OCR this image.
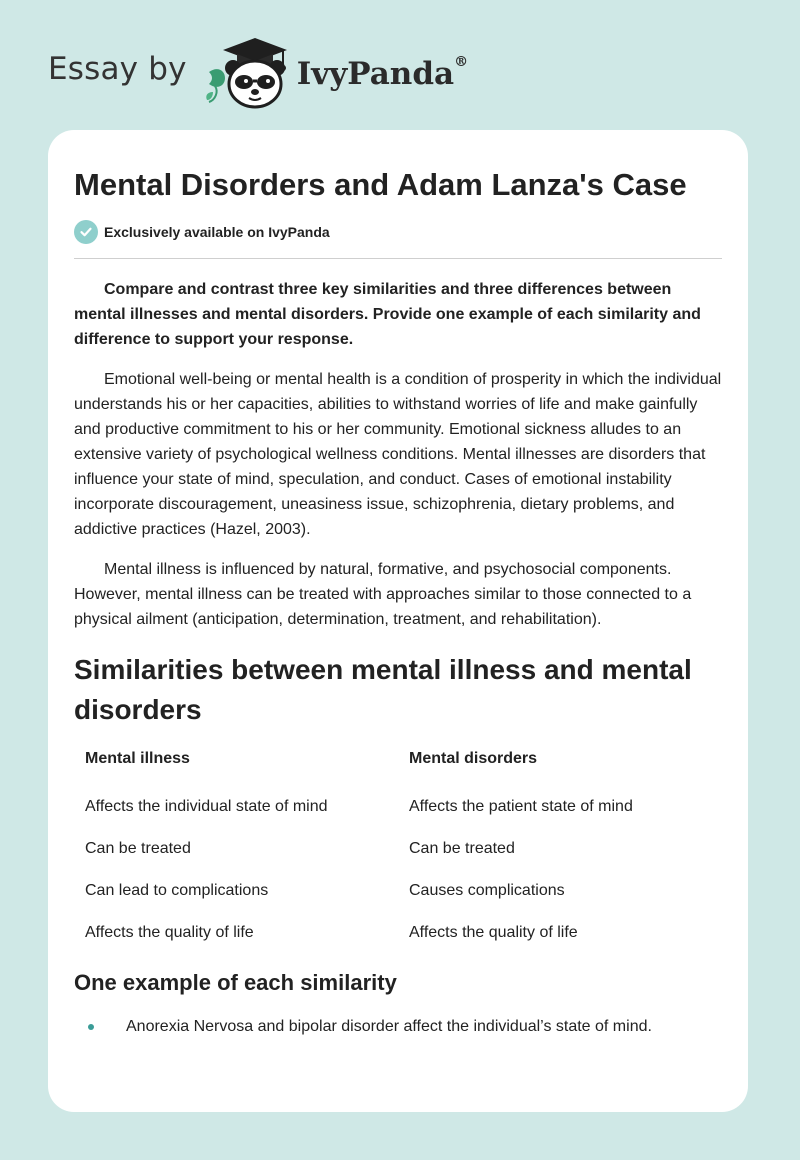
Essay by	IvyPanda®
Mental Disorders and Adam Lanza's Case
Exclusively available on IvyPanda

Compare and contrast three key similarities and three differences between mental illnesses and mental disorders. Provide one example of each similarity and difference to support your response.

Emotional well-being or mental health is a condition of prosperity in which the individual understands his or her capacities, abilities to withstand worries of life and make gainfully and productive commitment to his or her community. Emotional sickness alludes to an extensive variety of psychological wellness conditions. Mental illnesses are disorders that influence your state of mind, speculation, and conduct. Cases of emotional instability incorporate discouragement, uneasiness issue, schizophrenia, dietary problems, and addictive practices (Hazel, 2003).

Mental illness is influenced by natural, formative, and psychosocial components. However, mental illness can be treated with approaches similar to those connected to a physical ailment (anticipation, determination, treatment, and rehabilitation).

Similarities between mental illness and mental disorders
Mental illness	Mental disorders
Affects the individual state of mind	Affects the patient state of mind
Can be treated	Can be treated
Can lead to complications	Causes complications
Affects the quality of life	Affects the quality of life
One example of each similarity
Anorexia Nervosa and bipolar disorder affect the individual’s state of mind.
